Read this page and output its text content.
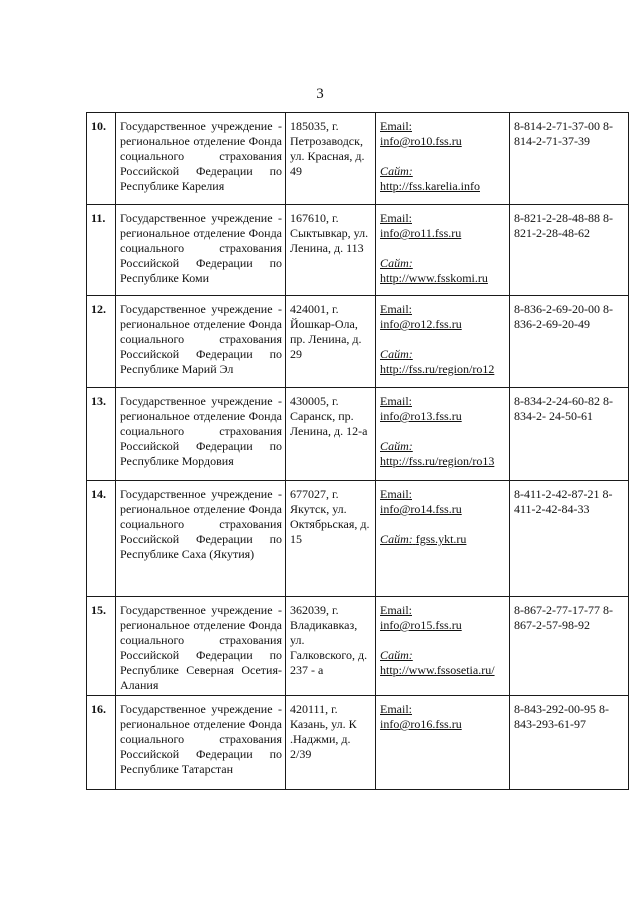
3
10.	Государственное учреждение - региональное отделение Фонда социального страхования Российской Федерации по Республике Карелия	185035, г. Петрозаводск, ул. Красная, д. 49	Email:
info@ro10.fss.ru
Сайт:
http://fss.karelia.info	8-814-2-71-37-00 8-814-2-71-37-39
11.	Государственное учреждение - региональное отделение Фонда социального страхования Российской Федерации по Республике Коми	167610, г. Сыктывкар, ул. Ленина, д. 113	Email:
info@ro11.fss.ru
Сайт:
http://www.fsskomi.ru	8-821-2-28-48-88 8-821-2-28-48-62
12.	Государственное учреждение - региональное отделение Фонда социального страхования Российской Федерации по Республике Марий Эл	424001, г. Йошкар-Ола, пр. Ленина, д. 29	Email:
info@ro12.fss.ru
Сайт:
http://fss.ru/region/ro12	8-836-2-69-20-00 8-836-2-69-20-49
13.	Государственное учреждение - региональное отделение Фонда социального страхования Российской Федерации по Республике Мордовия	430005, г. Саранск, пр. Ленина, д. 12-а	Email:
info@ro13.fss.ru
Сайт:
http://fss.ru/region/ro13	8-834-2-24-60-82 8-834-2- 24-50-61
14.	Государственное учреждение - региональное отделение Фонда социального страхования Российской Федерации по Республике Саха (Якутия)	677027, г. Якутск, ул. Октябрьская, д. 15	Email:
info@ro14.fss.ru
Сайт: fgss.ykt.ru	8-411-2-42-87-21 8-411-2-42-84-33
15.	Государственное учреждение - региональное отделение Фонда социального страхования Российской Федерации по Республике Северная Осетия-Алания	362039, г. Владикавказ, ул. Галковского, д. 237 - а	Email:
info@ro15.fss.ru
Сайт:
http://www.fssosetia.ru/	8-867-2-77-17-77 8-867-2-57-98-92
16.	Государственное учреждение - региональное отделение Фонда социального страхования Российской Федерации по Республике Татарстан	420111, г. Казань, ул. К .Наджми, д. 2/39	Email:
info@ro16.fss.ru	8-843-292-00-95 8-843-293-61-97
